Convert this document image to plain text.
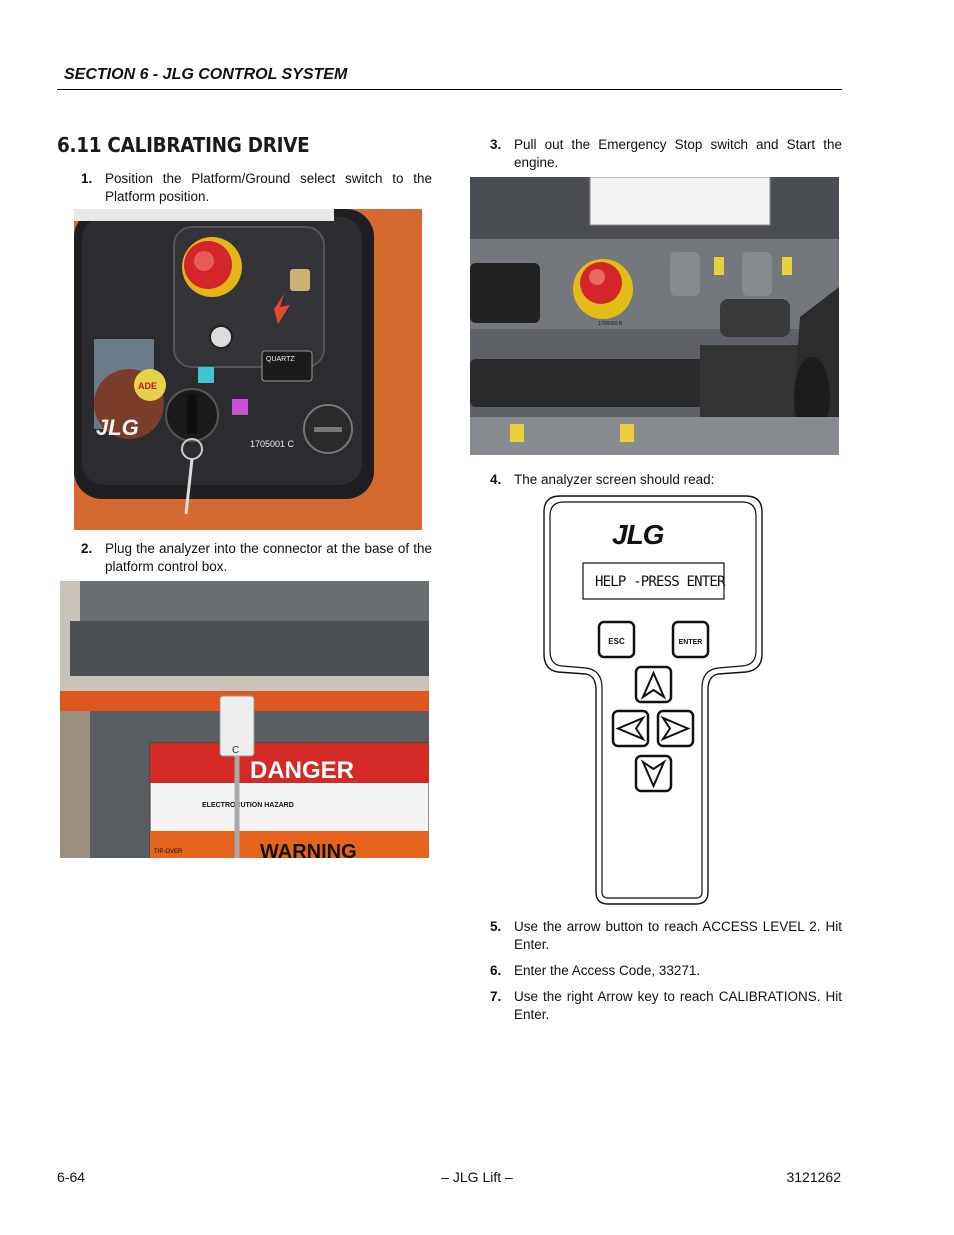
SECTION 6 - JLG CONTROL SYSTEM
6.11 CALIBRATING DRIVE
1. Position the Platform/Ground select switch to the Platform position.
QUARTZ
JLG
ADE
1705001 C
2. Plug the analyzer into the connector at the base of the platform control box.
DANGER
ELECTROCUTION HAZARD
WARNING
TIP-OVER
C
3. Pull out the Emergency Stop switch and Start the engine.
1706080 B
4. The analyzer screen should read:
JLG
HELP -PRESS ENTER
ESC	ENTER
5. Use the arrow button to reach ACCESS LEVEL 2. Hit Enter.
6. Enter the Access Code, 33271.
7. Use the right Arrow key to reach CALIBRATIONS. Hit Enter.
6-64	– JLG Lift –	3121262
